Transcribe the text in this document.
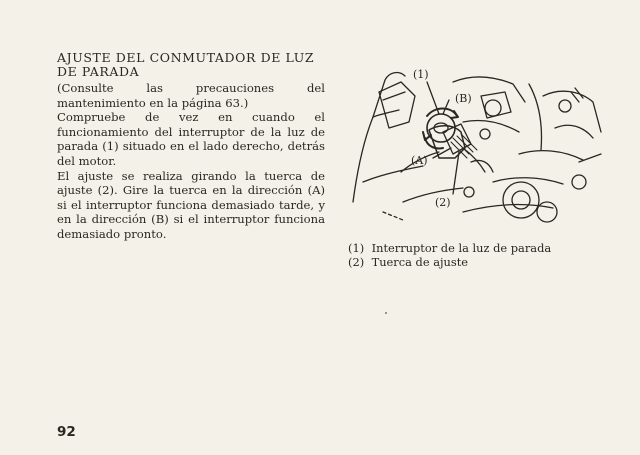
AJUSTE DEL CONMUTADOR DE LUZ DE PARADA

(Consulte las precauciones del mantenimiento en la página 63.)

Compruebe de vez en cuando el funcionamiento del interruptor de la luz de parada (1) situado en el lado derecho, detrás del motor.

El ajuste se realiza girando la tuerca de ajuste (2). Gire la tuerca en la dirección (A) si el interruptor funciona demasiado tarde, y en la dirección (B) si el interruptor funciona demasiado pronto.

(1)
(B)
(A)
(2)
(1) Interruptor de la luz de parada
(2) Tuerca de ajuste
92
